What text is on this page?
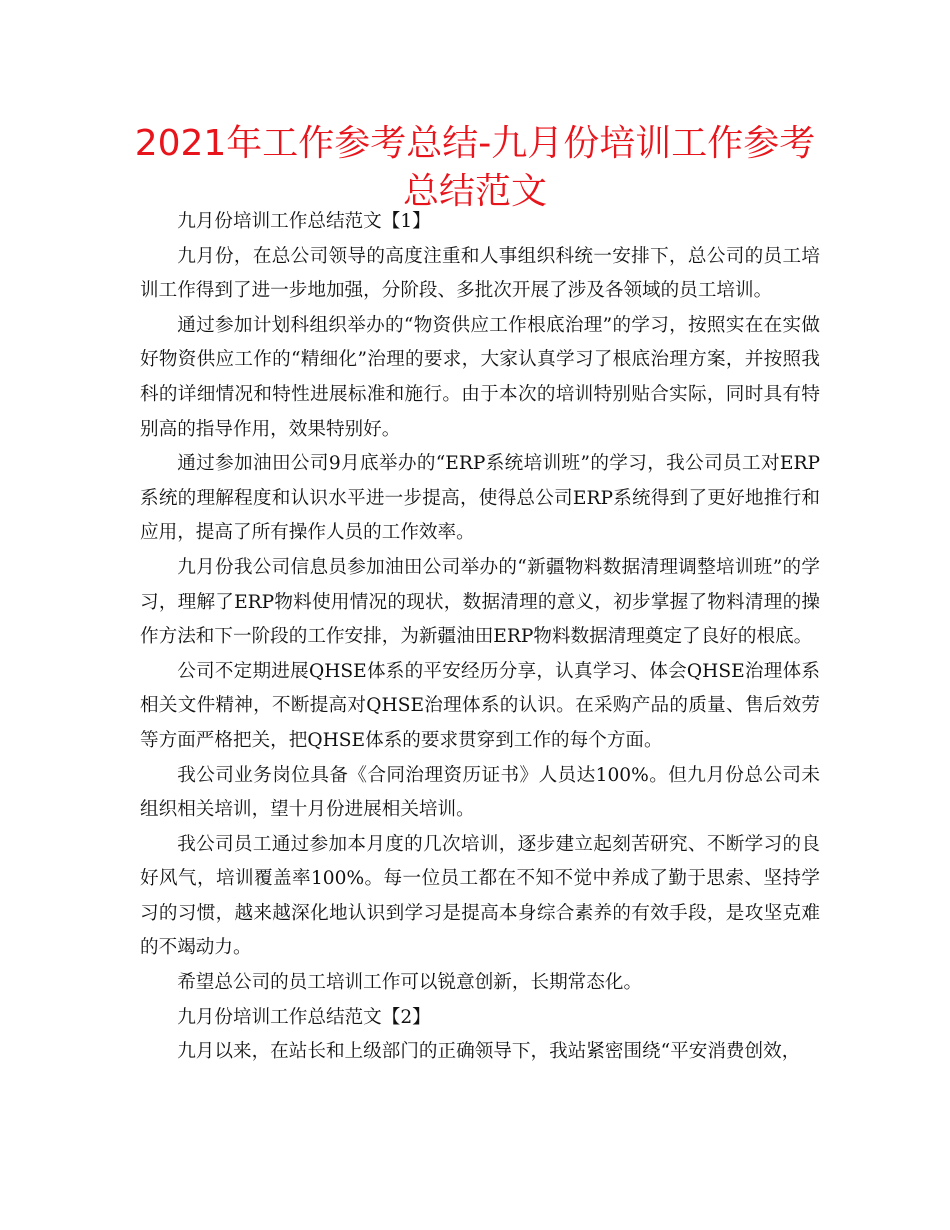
2021年工作参考总结-九月份培训工作参考总结范文

九月份培训工作总结范文【1】

九月份，在总公司领导的高度注重和人事组织科统一安排下，总公司的员工培训工作得到了进一步地加强，分阶段、多批次开展了涉及各领域的员工培训。

通过参加计划科组织举办的“物资供应工作根底治理”的学习，按照实在在实做好物资供应工作的“精细化”治理的要求，大家认真学习了根底治理方案，并按照我科的详细情况和特性进展标准和施行。由于本次的培训特别贴合实际，同时具有特别高的指导作用，效果特别好。

通过参加油田公司9月底举办的“ERP系统培训班”的学习，我公司员工对ERP系统的理解程度和认识水平进一步提高，使得总公司ERP系统得到了更好地推行和应用，提高了所有操作人员的工作效率。

九月份我公司信息员参加油田公司举办的“新疆物料数据清理调整培训班”的学习，理解了ERP物料使用情况的现状，数据清理的意义，初步掌握了物料清理的操作方法和下一阶段的工作安排，为新疆油田ERP物料数据清理奠定了良好的根底。

公司不定期进展QHSE体系的平安经历分享，认真学习、体会QHSE治理体系相关文件精神，不断提高对QHSE治理体系的认识。在采购产品的质量、售后效劳等方面严格把关，把QHSE体系的要求贯穿到工作的每个方面。

我公司业务岗位具备《合同治理资历证书》人员达100%。但九月份总公司未组织相关培训，望十月份进展相关培训。

我公司员工通过参加本月度的几次培训，逐步建立起刻苦研究、不断学习的良好风气，培训覆盖率100%。每一位员工都在不知不觉中养成了勤于思索、坚持学习的习惯，越来越深化地认识到学习是提高本身综合素养的有效手段，是攻坚克难的不竭动力。

希望总公司的员工培训工作可以锐意创新，长期常态化。

九月份培训工作总结范文【2】

九月以来，在站长和上级部门的正确领导下，我站紧密围绕“平安消费创效，
